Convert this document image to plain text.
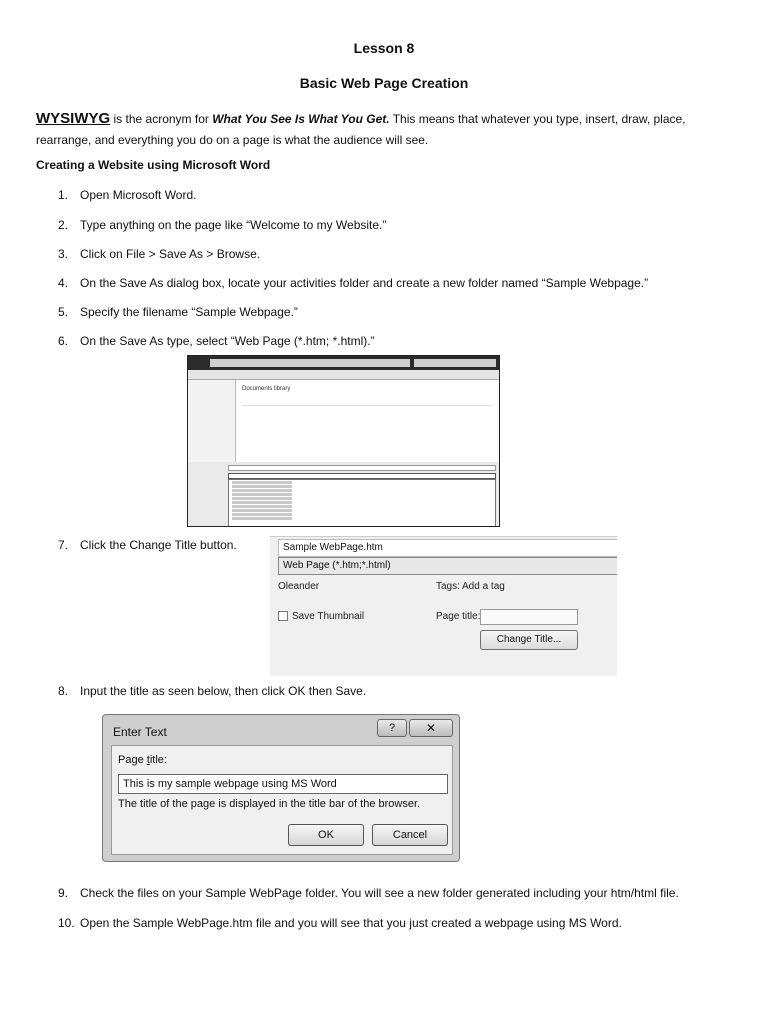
Lesson 8
Basic Web Page Creation
WYSIWYG is the acronym for What You See Is What You Get. This means that whatever you type, insert, draw, place, rearrange, and everything you do on a page is what the audience will see.
Creating a Website using Microsoft Word
1. Open Microsoft Word.
2. Type anything on the page like “Welcome to my Website.”
3. Click on File > Save As > Browse.
4. On the Save As dialog box, locate your activities folder and create a new folder named “Sample Webpage.”
5. Specify the filename “Sample Webpage.”
6. On the Save As type, select “Web Page (*.htm; *.html).”
Documents library
7. Click the Change Title button.	Sample WebPage.htm
Web Page (*.htm;*.html)
Oleander	Tags: Add a tag
Save Thumbnail	Page title:
Change Title...
8. Input the title as seen below, then click OK then Save.
Enter Text	?	✕
Page title:
This is my sample webpage using MS Word
The title of the page is displayed in the title bar of the browser.
OK	Cancel
9. Check the files on your Sample WebPage folder. You will see a new folder generated including your htm/html file.
10. Open the Sample WebPage.htm file and you will see that you just created a webpage using MS Word.
